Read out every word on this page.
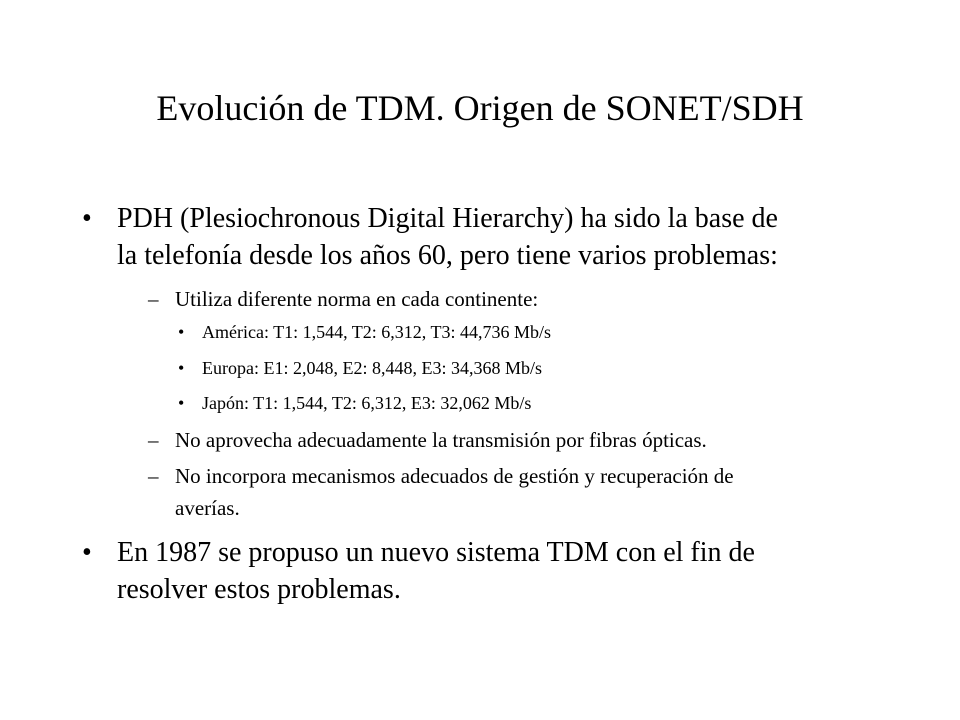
Evolución de TDM. Origen de SONET/SDH
• PDH (Plesiochronous Digital Hierarchy) ha sido la base de
la telefonía desde los años 60, pero tiene varios problemas:
– Utiliza diferente norma en cada continente:
• América: T1: 1,544, T2: 6,312, T3: 44,736 Mb/s
• Europa: E1: 2,048, E2: 8,448, E3: 34,368 Mb/s
• Japón: T1: 1,544, T2: 6,312, E3: 32,062 Mb/s
– No aprovecha adecuadamente la transmisión por fibras ópticas.
– No incorpora mecanismos adecuados de gestión y recuperación de
averías.
• En 1987 se propuso un nuevo sistema TDM con el fin de
resolver estos problemas.
